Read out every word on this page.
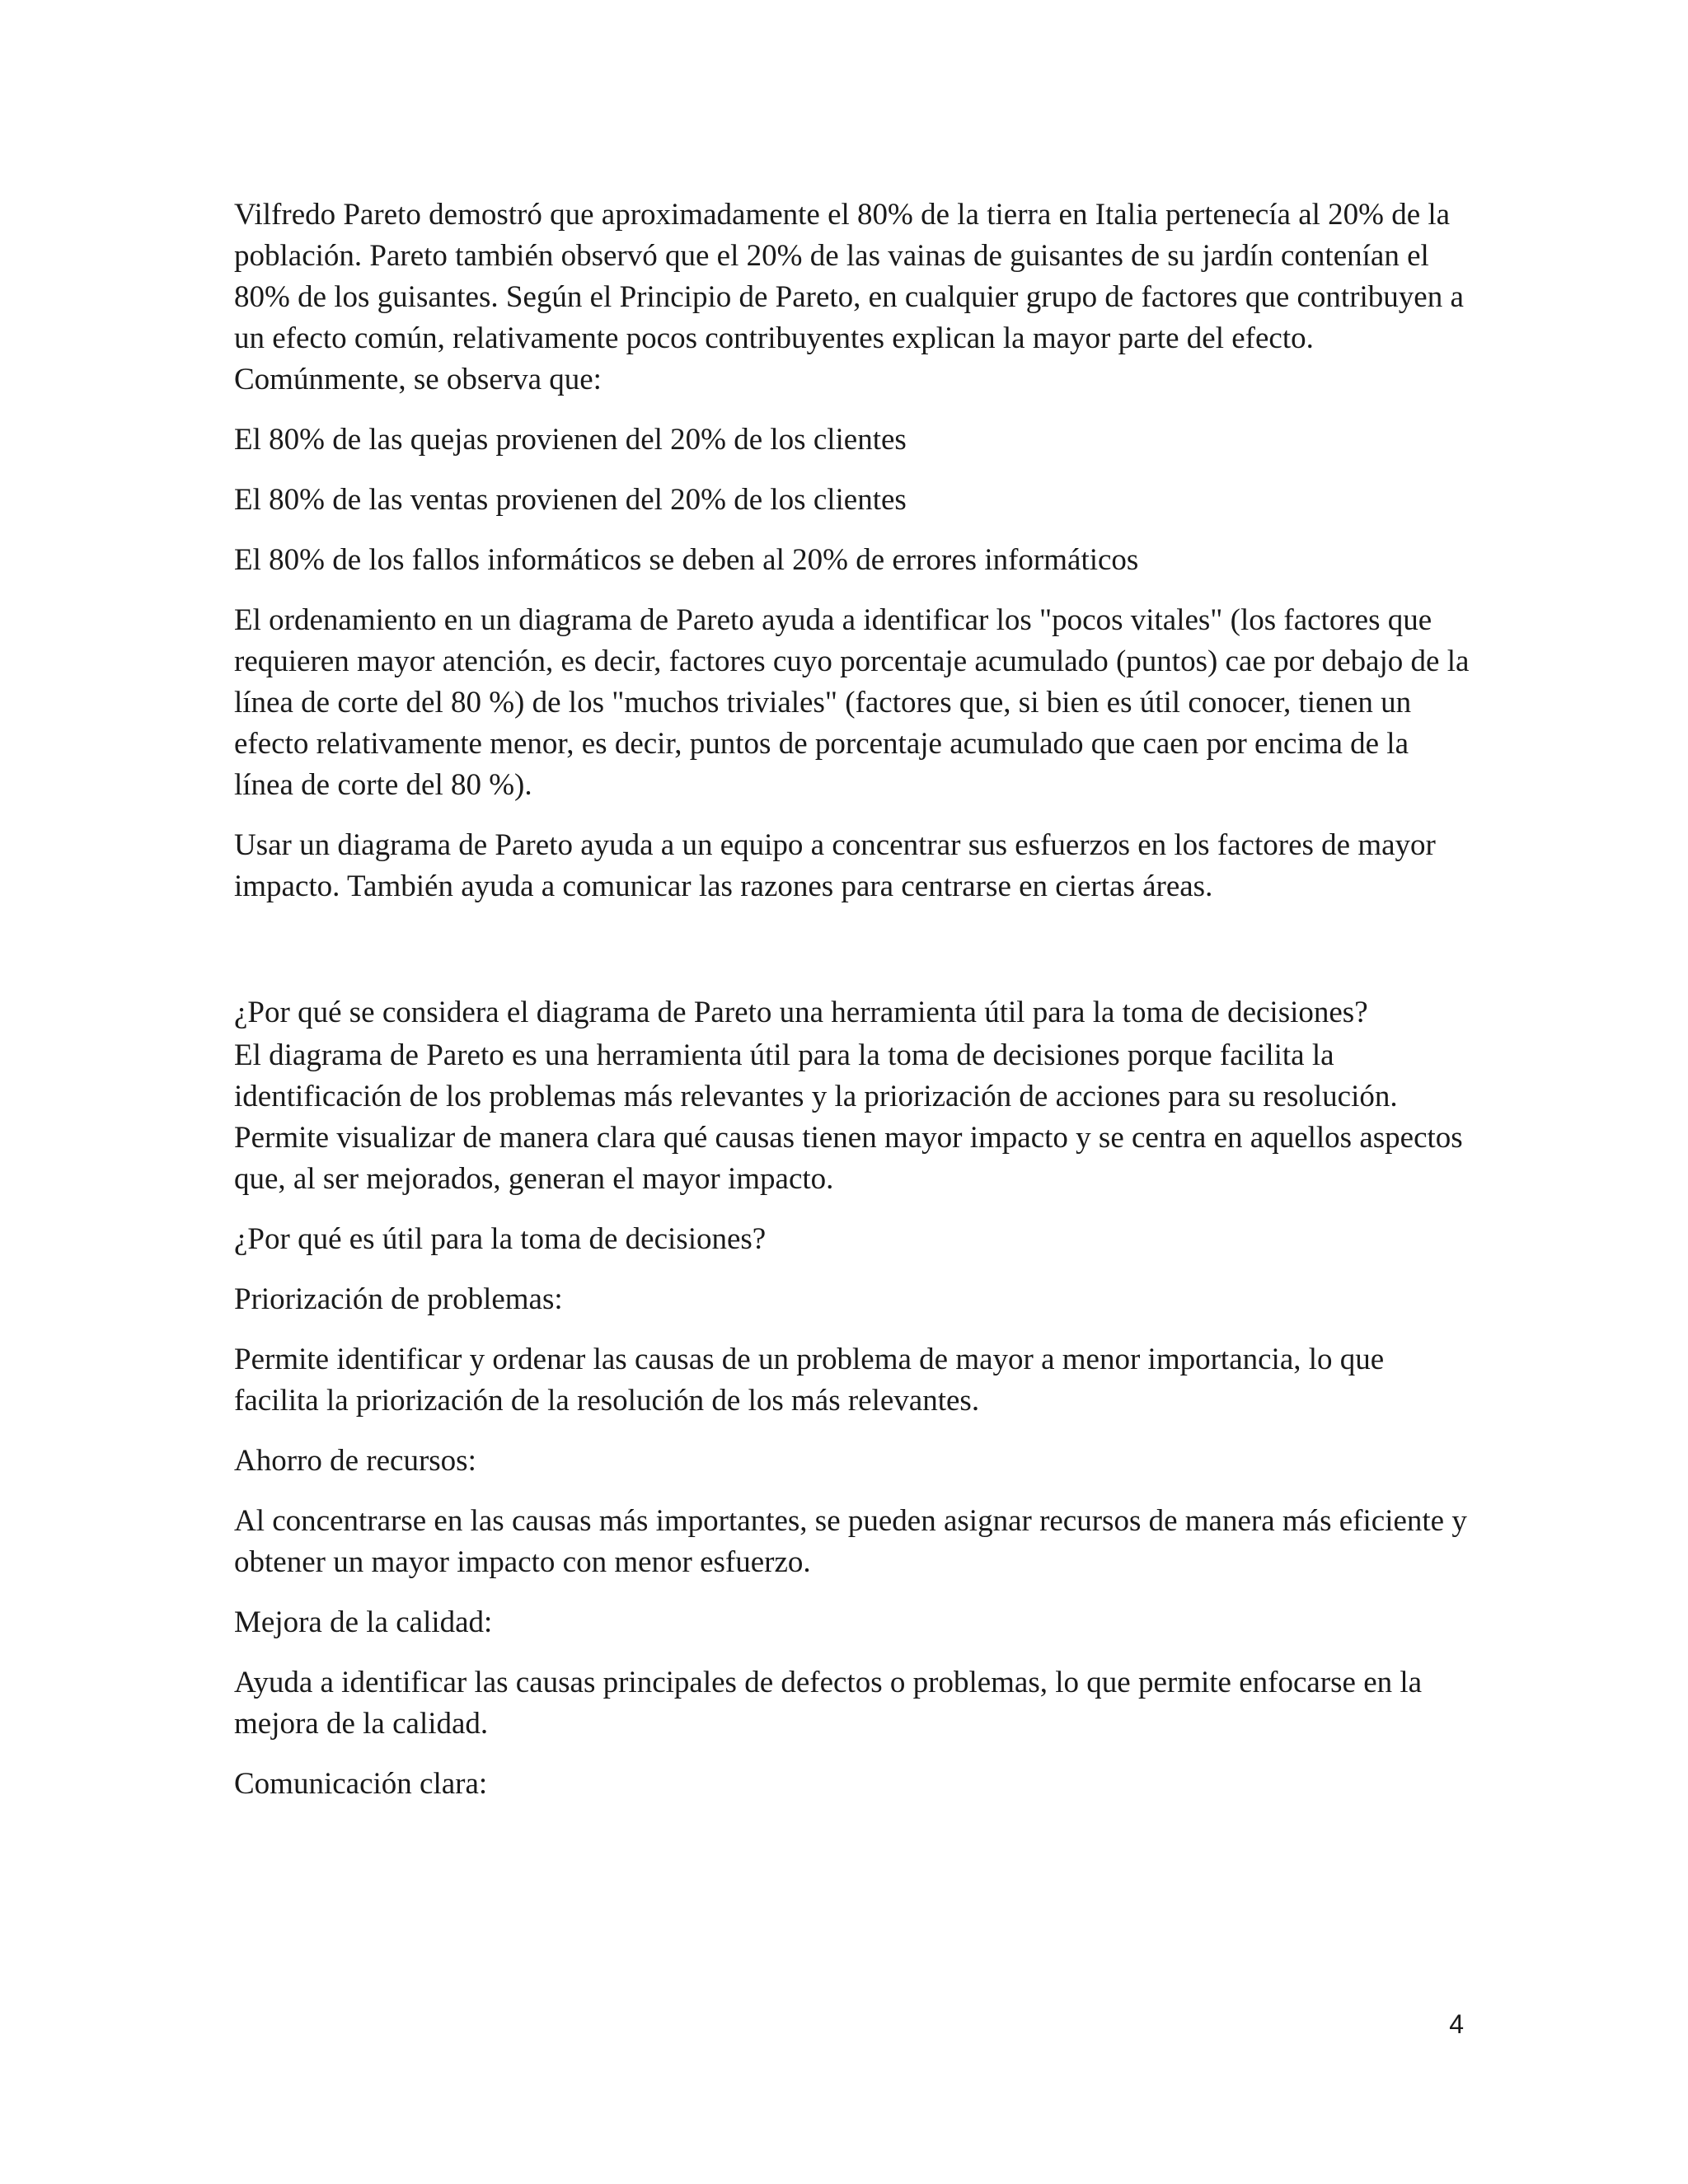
Vilfredo Pareto demostró que aproximadamente el 80% de la tierra en Italia pertenecía al 20% de la población. Pareto también observó que el 20% de las vainas de guisantes de su jardín contenían el 80% de los guisantes. Según el Principio de Pareto, en cualquier grupo de factores que contribuyen a un efecto común, relativamente pocos contribuyentes explican la mayor parte del efecto. Comúnmente, se observa que:

El 80% de las quejas provienen del 20% de los clientes

El 80% de las ventas provienen del 20% de los clientes

El 80% de los fallos informáticos se deben al 20% de errores informáticos

El ordenamiento en un diagrama de Pareto ayuda a identificar los "pocos vitales" (los factores que requieren mayor atención, es decir, factores cuyo porcentaje acumulado (puntos) cae por debajo de la línea de corte del 80 %) de los "muchos triviales" (factores que, si bien es útil conocer, tienen un efecto relativamente menor, es decir, puntos de porcentaje acumulado que caen por encima de la línea de corte del 80 %).

Usar un diagrama de Pareto ayuda a un equipo a concentrar sus esfuerzos en los factores de mayor impacto. También ayuda a comunicar las razones para centrarse en ciertas áreas.

¿Por qué se considera el diagrama de Pareto una herramienta útil para la toma de decisiones?

El diagrama de Pareto es una herramienta útil para la toma de decisiones porque facilita la identificación de los problemas más relevantes y la priorización de acciones para su resolución. Permite visualizar de manera clara qué causas tienen mayor impacto y se centra en aquellos aspectos que, al ser mejorados, generan el mayor impacto.

¿Por qué es útil para la toma de decisiones?

Priorización de problemas:

Permite identificar y ordenar las causas de un problema de mayor a menor importancia, lo que facilita la priorización de la resolución de los más relevantes.

Ahorro de recursos:

Al concentrarse en las causas más importantes, se pueden asignar recursos de manera más eficiente y obtener un mayor impacto con menor esfuerzo.

Mejora de la calidad:

Ayuda a identificar las causas principales de defectos o problemas, lo que permite enfocarse en la mejora de la calidad.

Comunicación clara:

4
